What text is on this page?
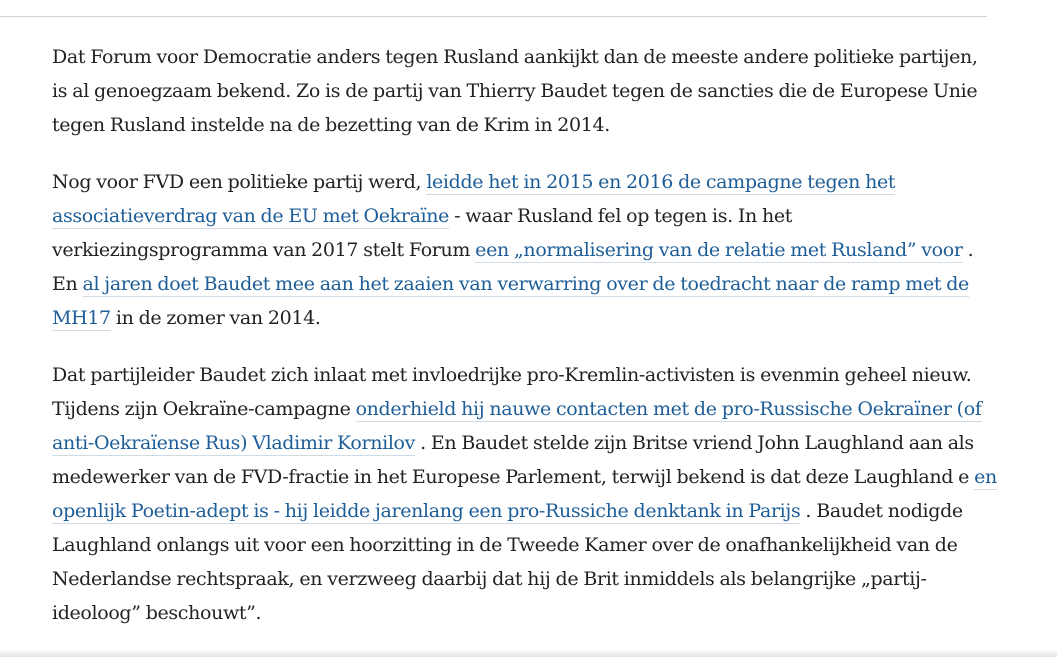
Dat Forum voor Democratie anders tegen Rusland aankijkt dan de meeste andere politieke partijen, is al genoegzaam bekend. Zo is de partij van Thierry Baudet tegen de sancties die de Europese Unie tegen Rusland instelde na de bezetting van de Krim in 2014.

Nog voor FVD een politieke partij werd, leidde het in 2015 en 2016 de campagne tegen het associatieverdrag van de EU met Oekraïne - waar Rusland fel op tegen is. In het verkiezingsprogramma van 2017 stelt Forum een „normalisering van de relatie met Rusland” voor . En al jaren doet Baudet mee aan het zaaien van verwarring over de toedracht naar de ramp met de MH17 in de zomer van 2014.

Dat partijleider Baudet zich inlaat met invloedrijke pro-Kremlin-activisten is evenmin geheel nieuw. Tijdens zijn Oekraïne-campagne onderhield hij nauwe contacten met de pro-Russische Oekraïner (of anti-Oekraïense Rus) Vladimir Kornilov . En Baudet stelde zijn Britse vriend John Laughland aan als medewerker van de FVD-fractie in het Europese Parlement, terwijl bekend is dat deze Laughland e en openlijk Poetin-adept is - hij leidde jarenlang een pro-Russiche denktank in Parijs . Baudet nodigde Laughland onlangs uit voor een hoorzitting in de Tweede Kamer over de onafhankelijkheid van de Nederlandse rechtspraak, en verzweeg daarbij dat hij de Brit inmiddels als belangrijke „partij-ideoloog” beschouwt”.
